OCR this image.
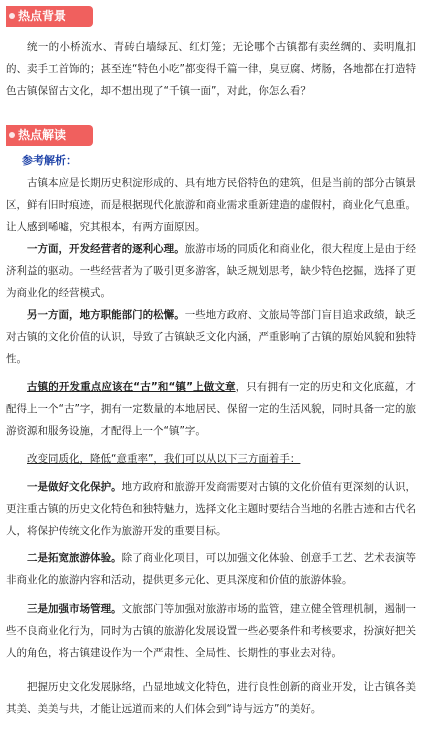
热点背景

统一的小桥流水、青砖白墙绿瓦、红灯笼；无论哪个古镇都有卖丝绸的、卖明胤扣的、卖手工首饰的；甚至连“特色小吃”都变得千篇一律，臭豆腐、烤肠，各地都在打造特色古镇保留古文化，却不想出现了“千镇一面”，对此，你怎么看？

热点解读
参考解析：

古镇本应是长期历史积淀形成的、具有地方民俗特色的建筑，但是当前的部分古镇景区，鲜有旧时痕迹，而是根据现代化旅游和商业需求重新建造的虚假村，商业化气息重。让人感到唏嘘，究其根本，有两方面原因。

一方面，开发经营者的逐利心理。旅游市场的同质化和商业化，很大程度上是由于经济利益的驱动。一些经营者为了吸引更多游客，缺乏规划思考，缺少特色挖掘，选择了更为商业化的经营模式。

另一方面，地方职能部门的松懈。一些地方政府、文旅局等部门盲目追求政绩，缺乏对古镇的文化价值的认识，导致了古镇缺乏文化内涵，严重影响了古镇的原始风貌和独特性。

古镇的开发重点应该在“古”和“镇”上做文章，只有拥有一定的历史和文化底蕴，才配得上一个“古”字，拥有一定数量的本地居民、保留一定的生活风貌，同时具备一定的旅游资源和服务设施，才配得上一个“镇”字。

改变同质化，降低“意重率”，我们可以从以下三方面着手：

一是做好文化保护。地方政府和旅游开发商需要对古镇的文化价值有更深刻的认识，更注重古镇的历史文化特色和独特魅力，选择文化主题时要结合当地的名胜古迹和古代名人，将保护传统文化作为旅游开发的重要目标。

二是拓宽旅游体验。除了商业化项目，可以加强文化体验、创意手工艺、艺术表演等非商业化的旅游内容和活动，提供更多元化、更具深度和价值的旅游体验。

三是加强市场管理。文旅部门等加强对旅游市场的监管，建立健全管理机制，遏制一些不良商业化行为，同时为古镇的旅游化发展设置一些必要条件和考核要求，扮演好把关人的角色，将古镇建设作为一个严肃性、全局性、长期性的事业去对待。

把握历史文化发展脉络，凸显地域文化特色，进行良性创新的商业开发，让古镇各美其美、美美与共，才能让远道而来的人们体会到“诗与远方”的美好。
